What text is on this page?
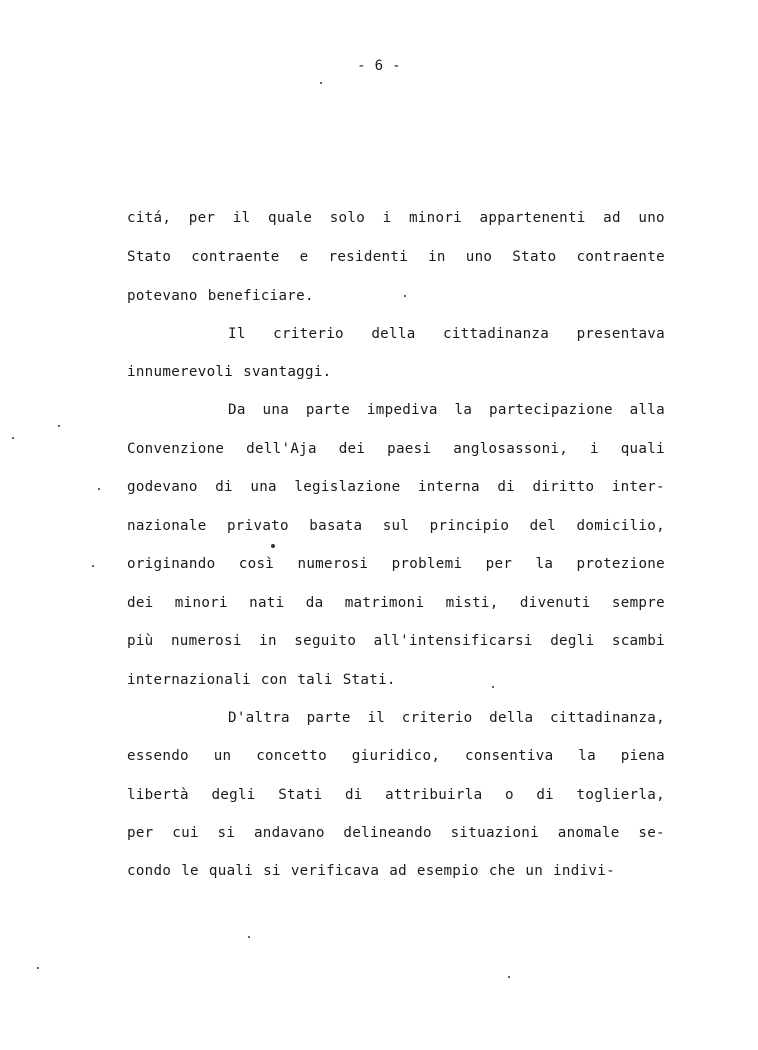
- 6 -
citá, per il quale solo i minori appartenenti ad uno
Stato contraente e residenti in uno Stato contraente
potevano beneficiare.
Il criterio della cittadinanza presentava
innumerevoli svantaggi.
Da una parte impediva la partecipazione alla
Convenzione dell'Aja dei paesi anglosassoni, i quali
godevano di una legislazione interna di diritto inter-
nazionale privato basata sul principio del domicilio,
originando così numerosi problemi per la protezione
dei minori nati da matrimoni misti, divenuti sempre
più numerosi in seguito all'intensificarsi degli scambi
internazionali con tali Stati.
D'altra parte il criterio della cittadinanza,
essendo un concetto giuridico, consentiva la piena
libertà degli Stati di attribuirla o di toglierla,
per cui si andavano delineando situazioni anomale se-
condo le quali si verificava ad esempio che un indivi-
